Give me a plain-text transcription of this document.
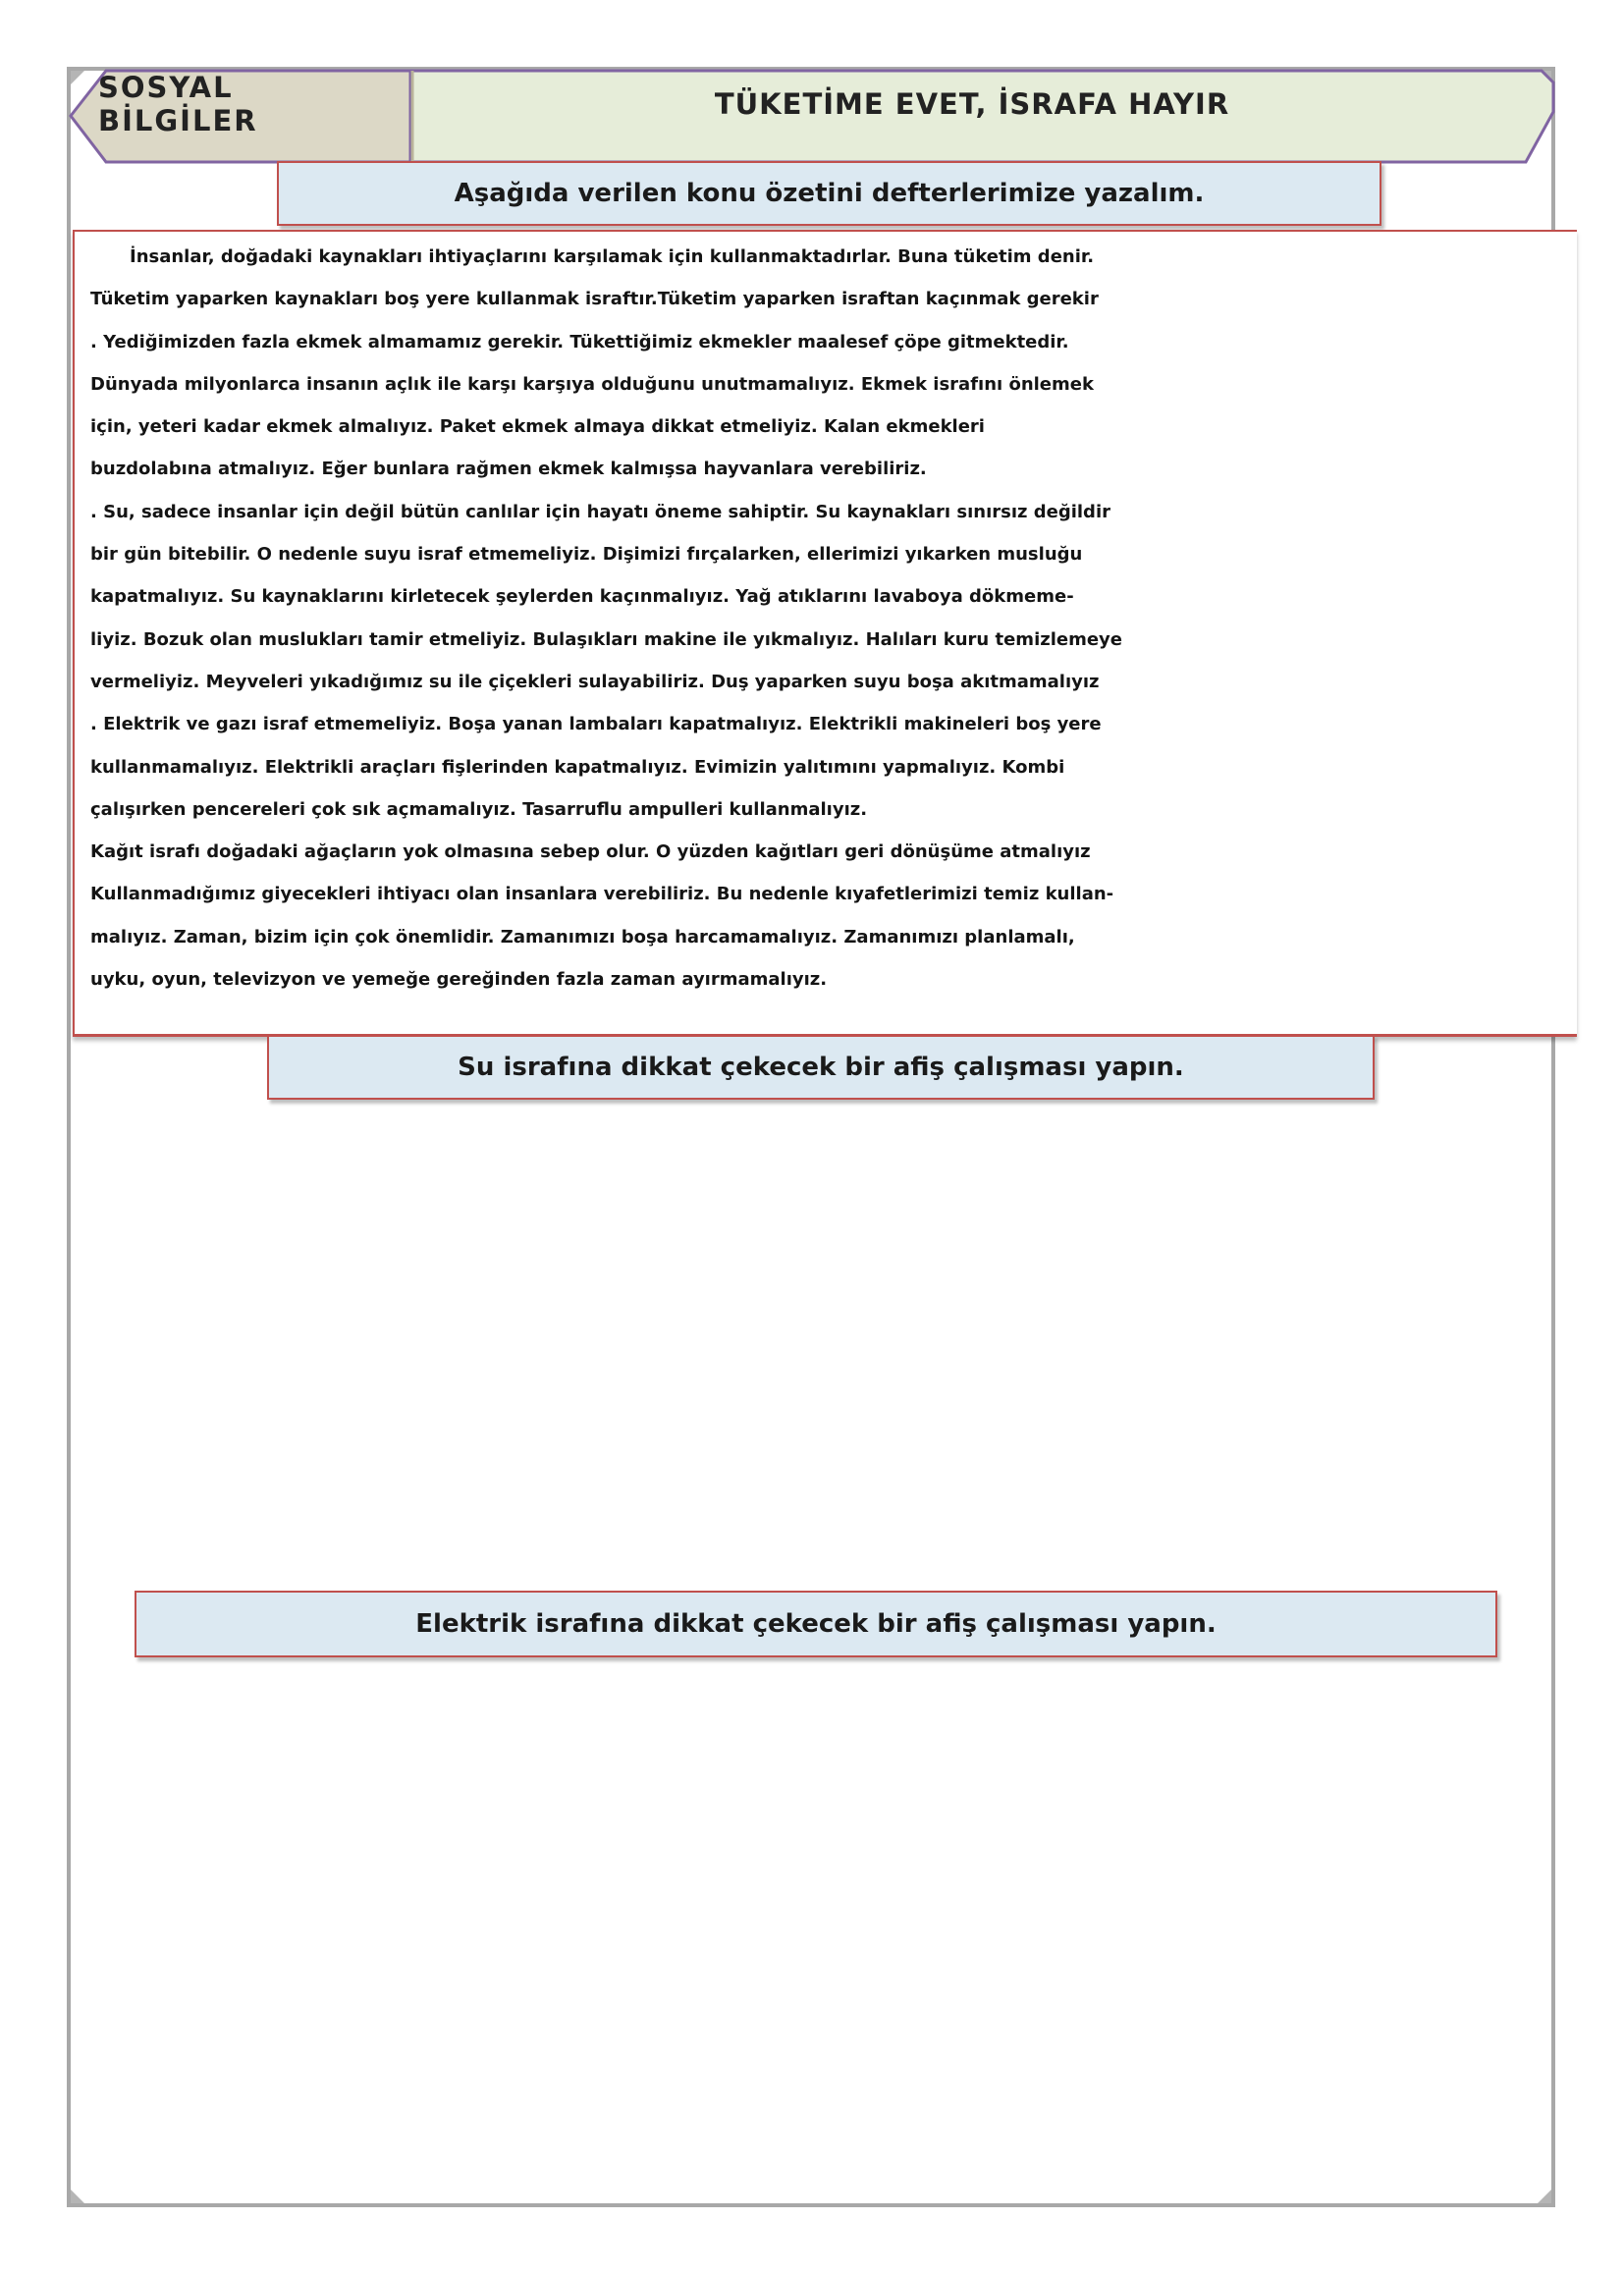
SOSYAL BİLGİLER	TÜKETİME EVET, İSRAFA HAYIR
Aşağıda verilen konu özetini defterlerimize yazalım.
İnsanlar, doğadaki kaynakları ihtiyaçlarını karşılamak için kullanmaktadırlar. Buna tüketim denir.
Tüketim yaparken kaynakları boş yere kullanmak israftır.Tüketim yaparken israftan kaçınmak gerekir
. Yediğimizden fazla ekmek almamamız gerekir. Tükettiğimiz ekmekler maalesef çöpe gitmektedir.
Dünyada milyonlarca insanın açlık ile karşı karşıya olduğunu unutmamalıyız. Ekmek israfını önlemek
için, yeteri kadar ekmek almalıyız. Paket ekmek almaya dikkat etmeliyiz. Kalan ekmekleri
buzdolabına atmalıyız. Eğer bunlara rağmen ekmek kalmışsa hayvanlara verebiliriz.
. Su, sadece insanlar için değil bütün canlılar için hayatı öneme sahiptir. Su kaynakları sınırsız değildir
bir gün bitebilir. O nedenle suyu israf etmemeliyiz. Dişimizi fırçalarken, ellerimizi yıkarken musluğu
kapatmalıyız. Su kaynaklarını kirletecek şeylerden kaçınmalıyız. Yağ atıklarını lavaboya dökmeme-
liyiz. Bozuk olan muslukları tamir etmeliyiz. Bulaşıkları makine ile yıkmalıyız. Halıları kuru temizlemeye
vermeliyiz. Meyveleri yıkadığımız su ile çiçekleri sulayabiliriz. Duş yaparken suyu boşa akıtmamalıyız
. Elektrik ve gazı israf etmemeliyiz. Boşa yanan lambaları kapatmalıyız. Elektrikli makineleri boş yere
kullanmamalıyız. Elektrikli araçları fişlerinden kapatmalıyız. Evimizin yalıtımını yapmalıyız. Kombi
çalışırken pencereleri çok sık açmamalıyız. Tasarruflu ampulleri kullanmalıyız.
Kağıt israfı doğadaki ağaçların yok olmasına sebep olur. O yüzden kağıtları geri dönüşüme atmalıyız
Kullanmadığımız giyecekleri ihtiyacı olan insanlara verebiliriz. Bu nedenle kıyafetlerimizi temiz kullan-
malıyız. Zaman, bizim için çok önemlidir. Zamanımızı boşa harcamamalıyız. Zamanımızı planlamalı,
uyku, oyun, televizyon ve yemeğe gereğinden fazla zaman ayırmamalıyız.
Su israfına dikkat çekecek bir afiş çalışması yapın.
Elektrik israfına dikkat çekecek bir afiş çalışması yapın.
